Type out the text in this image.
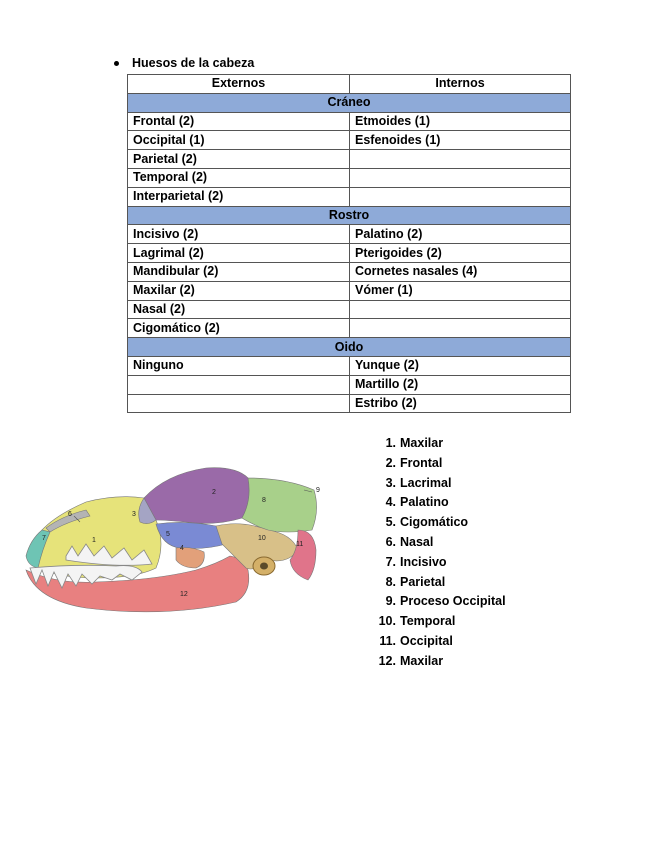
Huesos de la cabeza
Externos	Internos
Cráneo	
Frontal (2)	Etmoides (1)
Occipital (1)	Esfenoides (1)
Parietal (2)	
Temporal (2)	
Interparietal (2)	
Rostro	
Incisivo (2)	Palatino (2)
Lagrimal (2)	Pterigoides (2)
Mandibular (2)	Cornetes nasales (4)
Maxilar (2)	Vómer (1)
Nasal (2)	
Cigomático (2)	
Oido	
Ninguno	Yunque (2)
	Martillo (2)
	Estribo (2)
1
2
3
4
5
6
7
8
9
10
11
12
1. Maxilar
2. Frontal
3. Lacrimal
4. Palatino
5. Cigomático
6. Nasal
7. Incisivo
8. Parietal
9. Proceso Occipital
10. Temporal
11. Occipital
12. Maxilar
